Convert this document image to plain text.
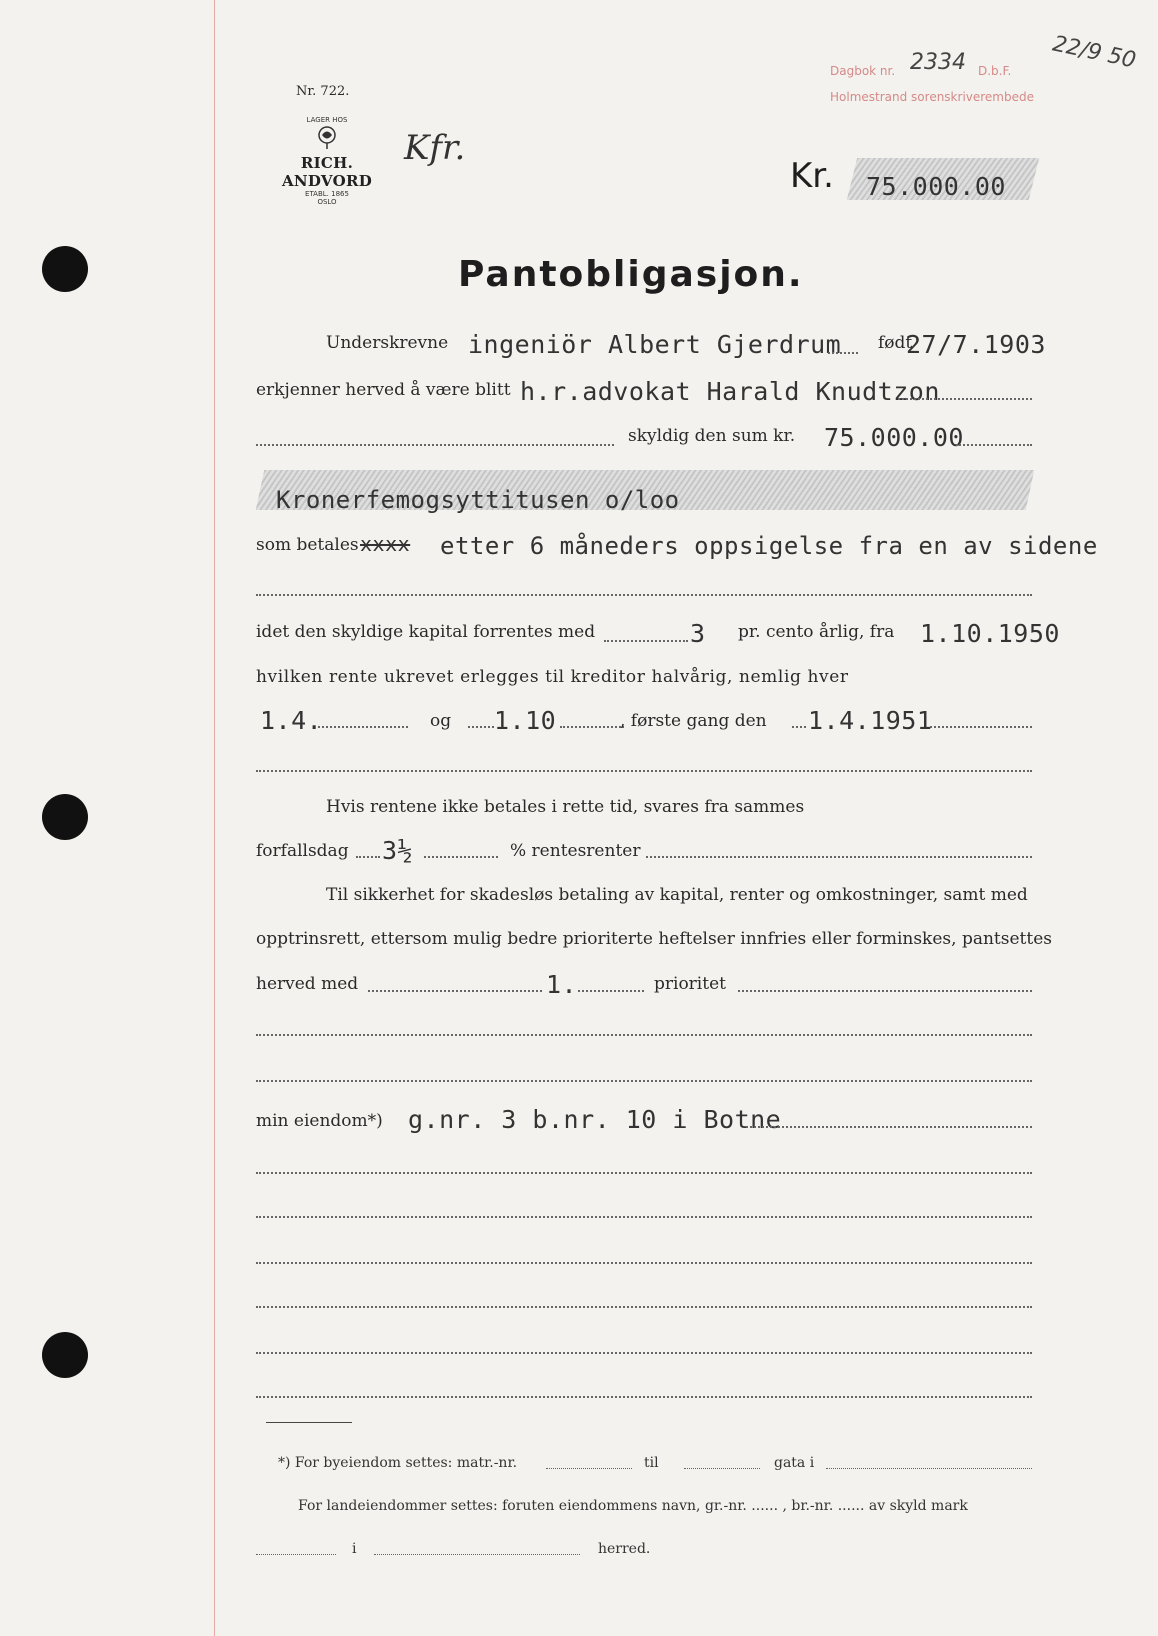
Nr. 722.
LAGER HOS
RICH. ANDVORD
ETABL. 1865
OSLO
Kfr.
Dagbok nr. 2334 D.b.F.
Holmestrand sorenskriverembede
22/9 50
Kr. 75.000.00
Pantobligasjon.
Underskrevne ingeniör Albert Gjerdrum født
27/7.1903
erkjenner herved å være blitt h.r.advokat Harald Knudtzon
skyldig den sum kr. 75.000.00
Kronerfemogsyttitusen o/loo
som betales xxxx etter 6 måneders oppsigelse fra en av sidene
idet den skyldige kapital forrentes med	3 pr. cento årlig, fra 1.10.1950
hvilken rente ukrevet erlegges til kreditor halvårig, nemlig hver
1.4.	og 1.10	, første gang den 1.4.1951
Hvis rentene ikke betales i rette tid, svares fra sammes
forfallsdag 3½	% rentesrenter
Til sikkerhet for skadesløs betaling av kapital, renter og omkostninger, samt med
opptrinsrett, ettersom mulig bedre prioriterte heftelser innfries eller forminskes, pantsettes
herved med	1.	prioritet
min eiendom*) g.nr. 3 b.nr. 10 i Botne
*) For byeiendom settes: matr.-nr.	til	gata i
For landeiendommer settes: foruten eiendommens navn, gr.-nr. ...... , br.-nr. ...... av skyld mark
i	herred.
